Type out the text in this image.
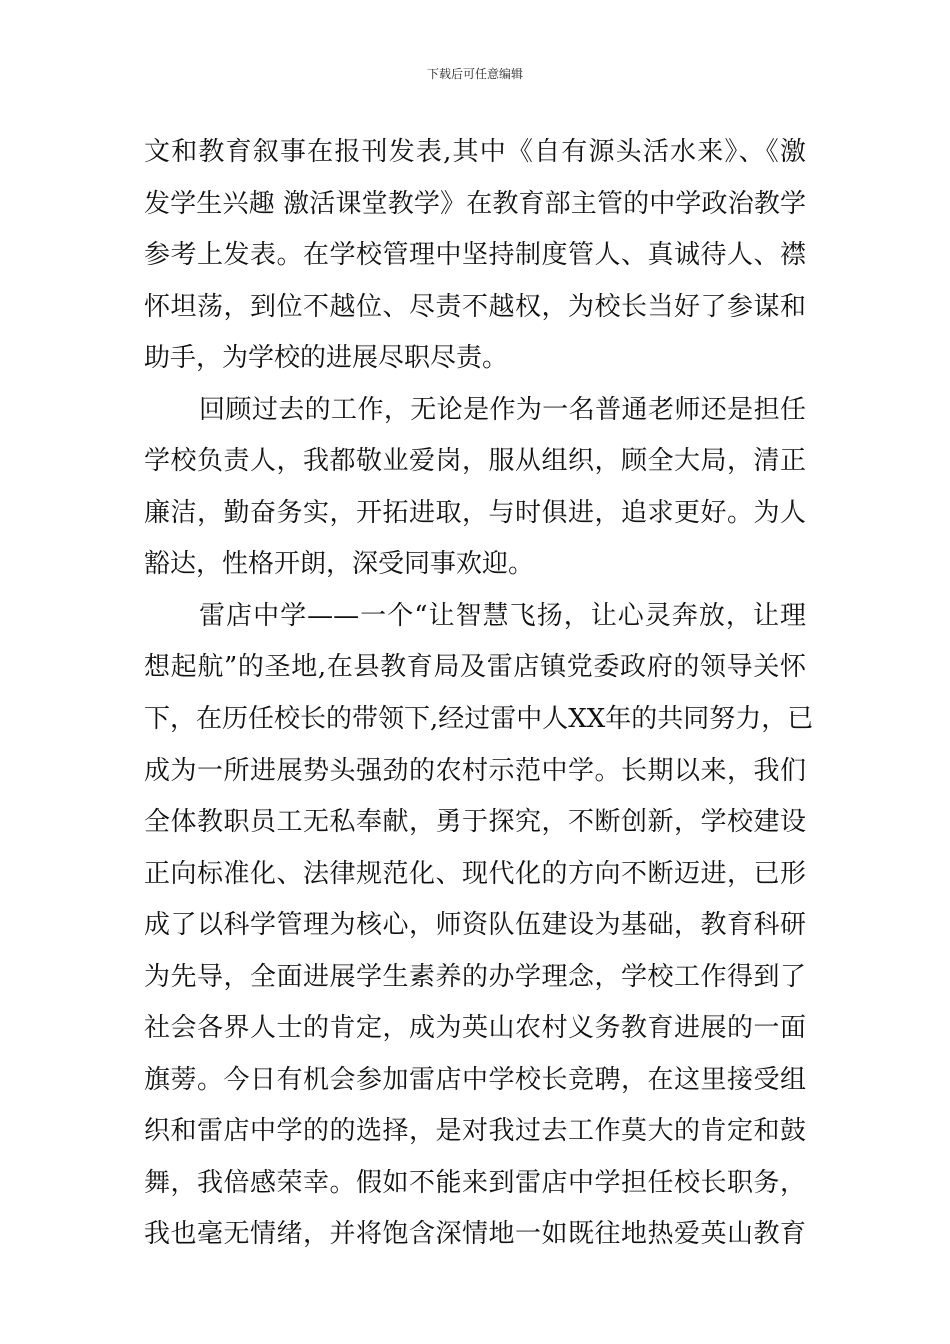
下载后可任意编辑
文和教育叙事在报刊发表,其中《自有源头活水来》、《激
发学生兴趣 激活课堂教学》在教育部主管的中学政治教学
参考上发表。在学校管理中坚持制度管人、真诚待人、襟
怀坦荡，到位不越位、尽责不越权，为校长当好了参谋和
助手，为学校的进展尽职尽责。
回顾过去的工作，无论是作为一名普通老师还是担任
学校负责人，我都敬业爱岗，服从组织，顾全大局，清正
廉洁，勤奋务实，开拓进取，与时俱进，追求更好。为人
豁达，性格开朗，深受同事欢迎。
雷店中学——一个“让智慧飞扬，让心灵奔放，让理
想起航”的圣地,在县教育局及雷店镇党委政府的领导关怀
下，在历任校长的带领下,经过雷中人XX年的共同努力，已
成为一所进展势头强劲的农村示范中学。长期以来，我们
全体教职员工无私奉献，勇于探究，不断创新，学校建设
正向标准化、法律规范化、现代化的方向不断迈进，已形
成了以科学管理为核心，师资队伍建设为基础，教育科研
为先导，全面进展学生素养的办学理念，学校工作得到了
社会各界人士的肯定，成为英山农村义务教育进展的一面
旗蒡。今日有机会参加雷店中学校长竞聘，在这里接受组
织和雷店中学的的选择，是对我过去工作莫大的肯定和鼓
舞，我倍感荣幸。假如不能来到雷店中学担任校长职务，
我也毫无情绪，并将饱含深情地一如既往地热爱英山教育
